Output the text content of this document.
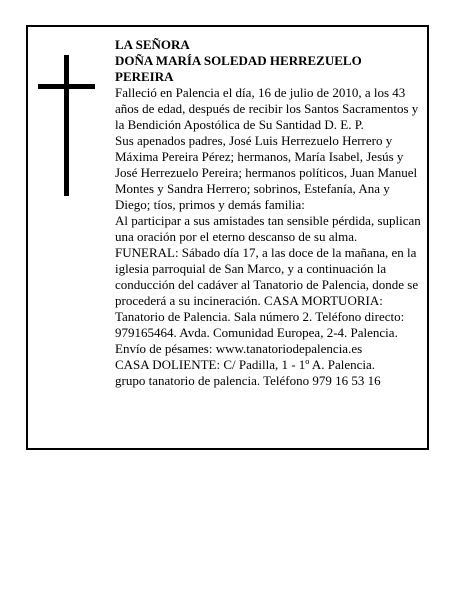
LA SEÑORA

DOÑA MARÍA SOLEDAD HERREZUELO PEREIRA

Falleció en Palencia el día, 16 de julio de 2010, a los 43 años de edad, después de recibir los Santos Sacramentos y la Bendición Apostólica de Su Santidad D. E. P.

Sus apenados padres, José Luis Herrezuelo Herrero y Máxima Pereira Pérez; hermanos, María Isabel, Jesús y José Herrezuelo Pereira; hermanos políticos, Juan Manuel Montes y Sandra Herrero; sobrinos, Estefanía, Ana y Diego; tíos, primos y demás familia:

Al participar a sus amistades tan sensible pérdida, suplican una oración por el eterno descanso de su alma.

FUNERAL: Sábado día 17, a las doce de la mañana, en la iglesia parroquial de San Marco, y a continuación la conducción del cadáver al Tanatorio de Palencia, donde se procederá a su incineración. CASA MORTUORIA: Tanatorio de Palencia. Sala número 2. Teléfono directo: 979165464. Avda. Comunidad Europea, 2-4. Palencia.

Envío de pésames: www.tanatoriodepalencia.es

CASA DOLIENTE: C/ Padilla, 1 - 1º A. Palencia.

grupo tanatorio de palencia. Teléfono 979 16 53 16
